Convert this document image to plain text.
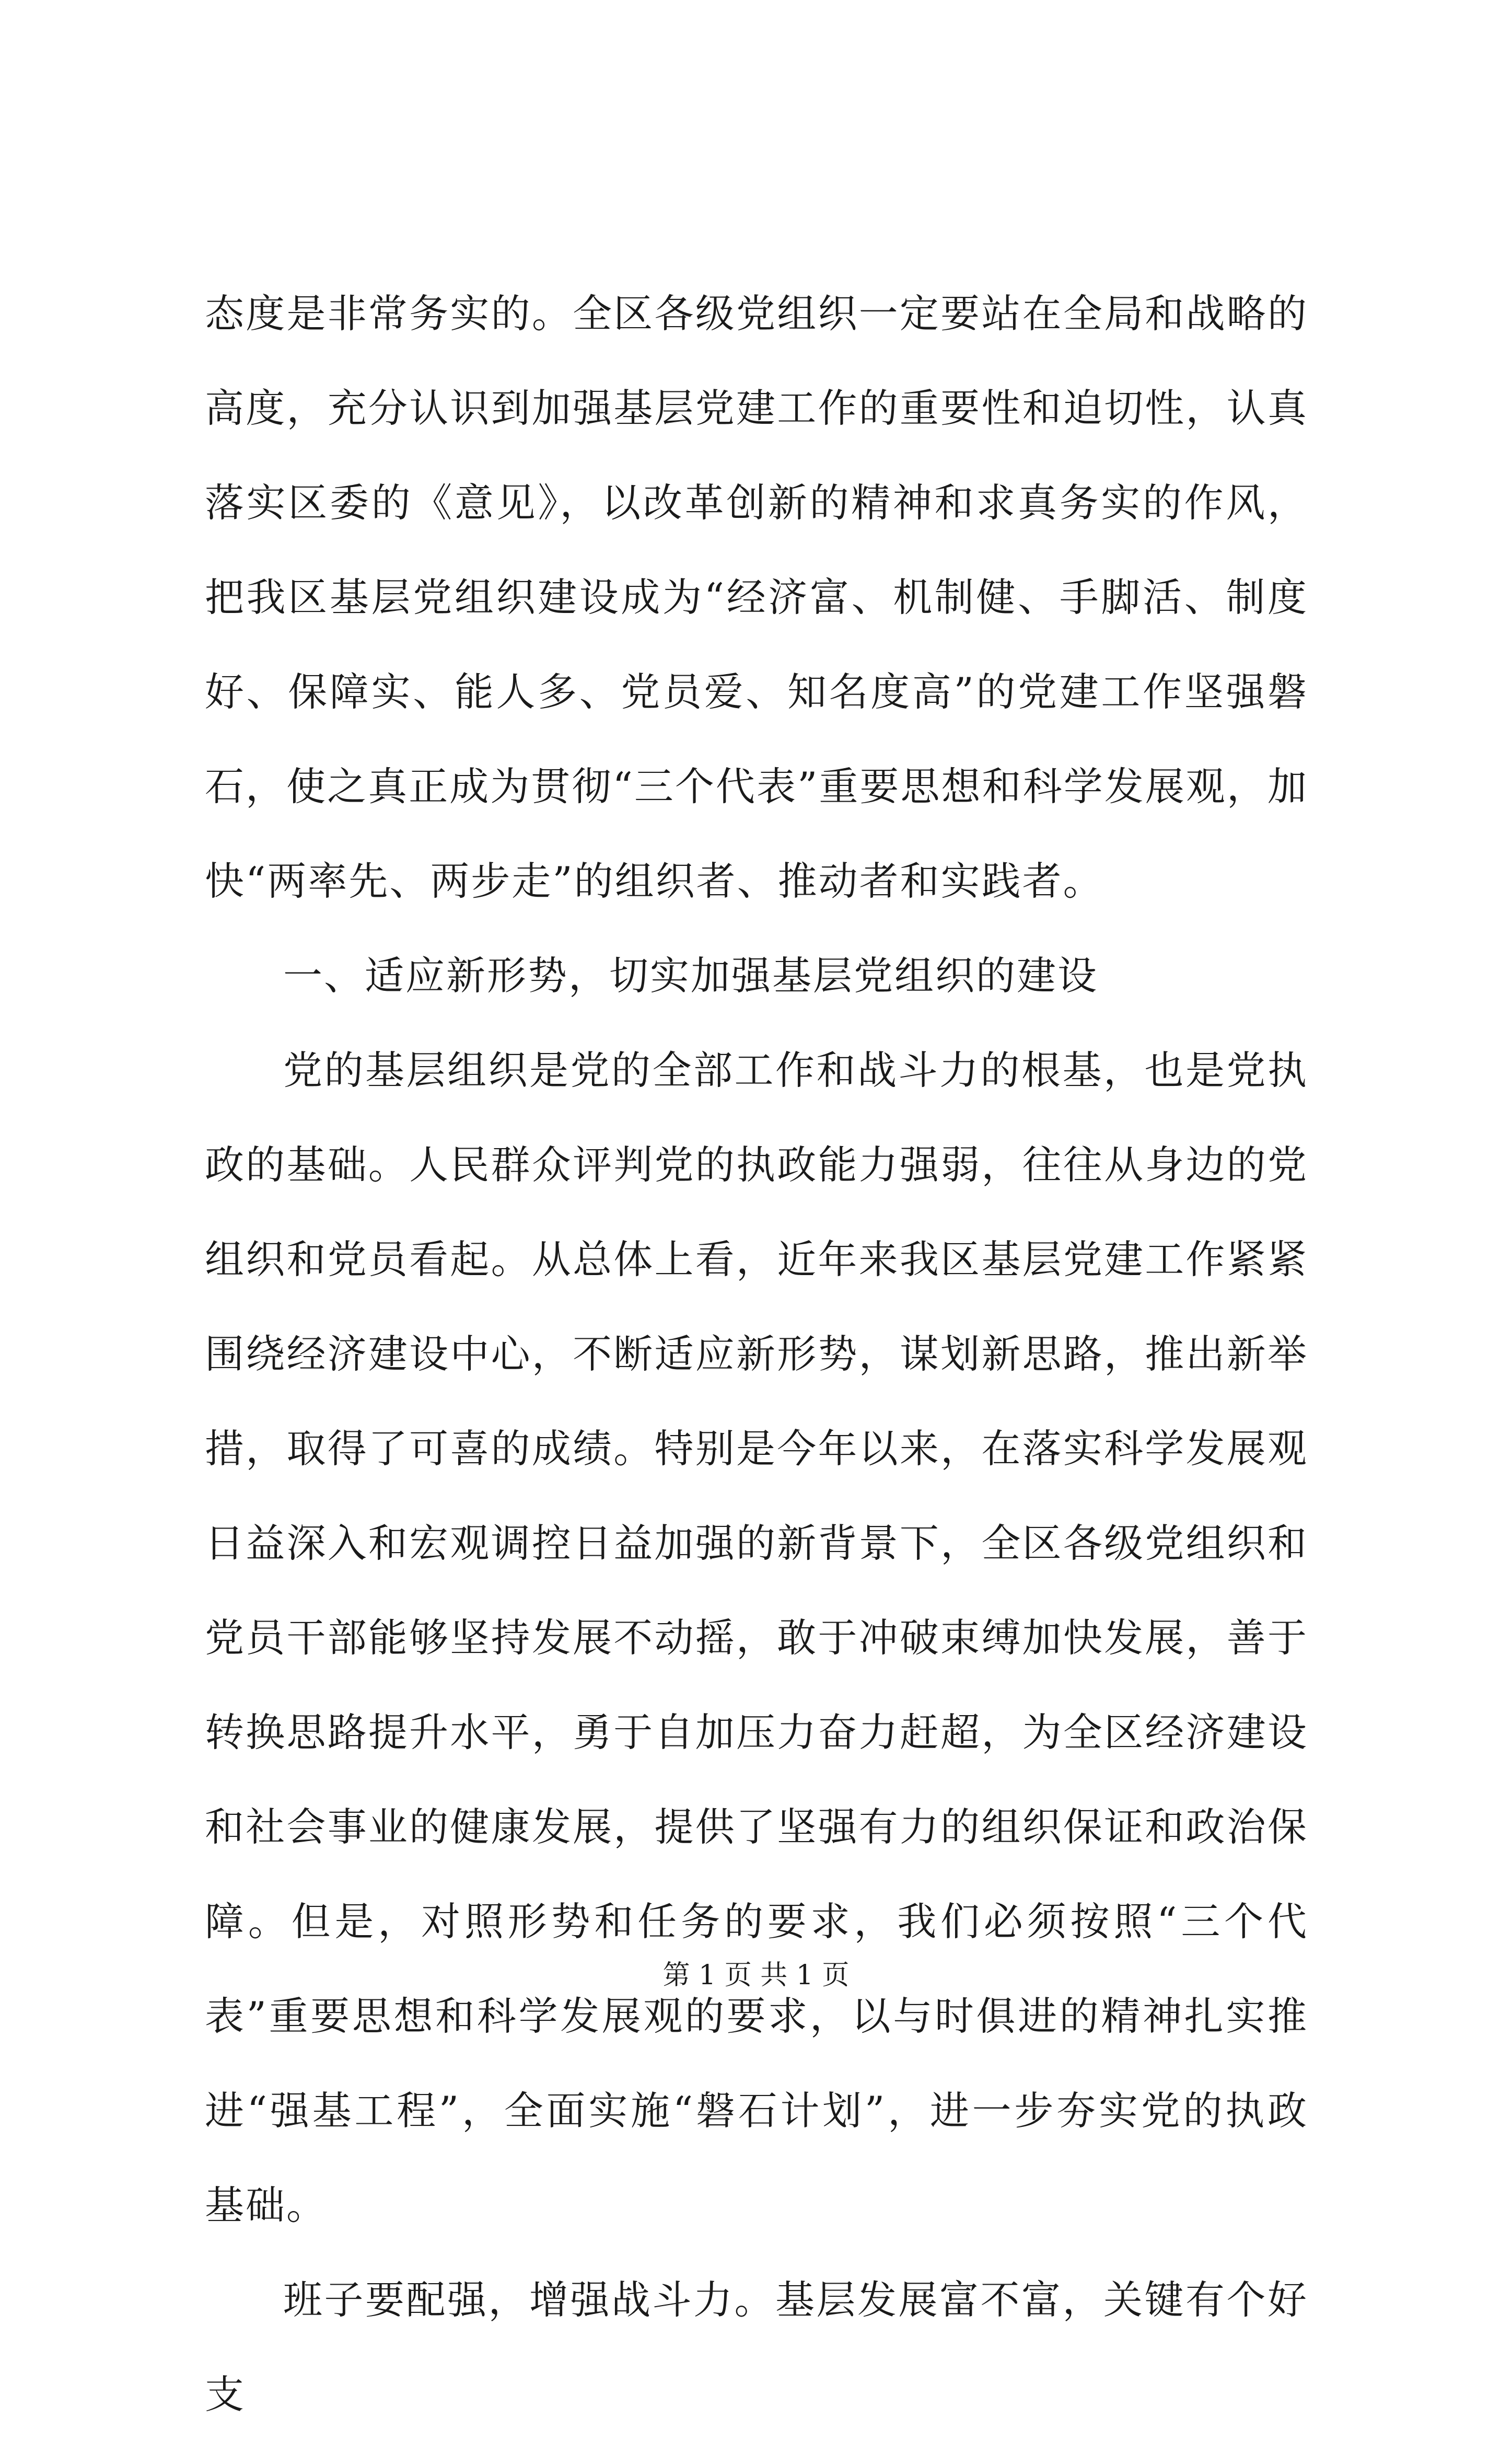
态度是非常务实的。全区各级党组织一定要站在全局和战略的高度，充分认识到加强基层党建工作的重要性和迫切性，认真落实区委的《意见》，以改革创新的精神和求真务实的作风，把我区基层党组织建设成为“经济富、机制健、手脚活、制度好、保障实、能人多、党员爱、知名度高”的党建工作坚强磐石，使之真正成为贯彻“三个代表”重要思想和科学发展观，加快“两率先、两步走”的组织者、推动者和实践者。

一、适应新形势，切实加强基层党组织的建设

党的基层组织是党的全部工作和战斗力的根基，也是党执政的基础。人民群众评判党的执政能力强弱，往往从身边的党组织和党员看起。从总体上看，近年来我区基层党建工作紧紧围绕经济建设中心，不断适应新形势，谋划新思路，推出新举措，取得了可喜的成绩。特别是今年以来，在落实科学发展观日益深入和宏观调控日益加强的新背景下，全区各级党组织和党员干部能够坚持发展不动摇，敢于冲破束缚加快发展，善于转换思路提升水平，勇于自加压力奋力赶超，为全区经济建设和社会事业的健康发展，提供了坚强有力的组织保证和政治保障。但是，对照形势和任务的要求，我们必须按照“三个代表”重要思想和科学发展观的要求，以与时俱进的精神扎实推进“强基工程”，全面实施“磐石计划”，进一步夯实党的执政基础。

班子要配强，增强战斗力。基层发展富不富，关键有个好支

第 1 页 共 1 页
